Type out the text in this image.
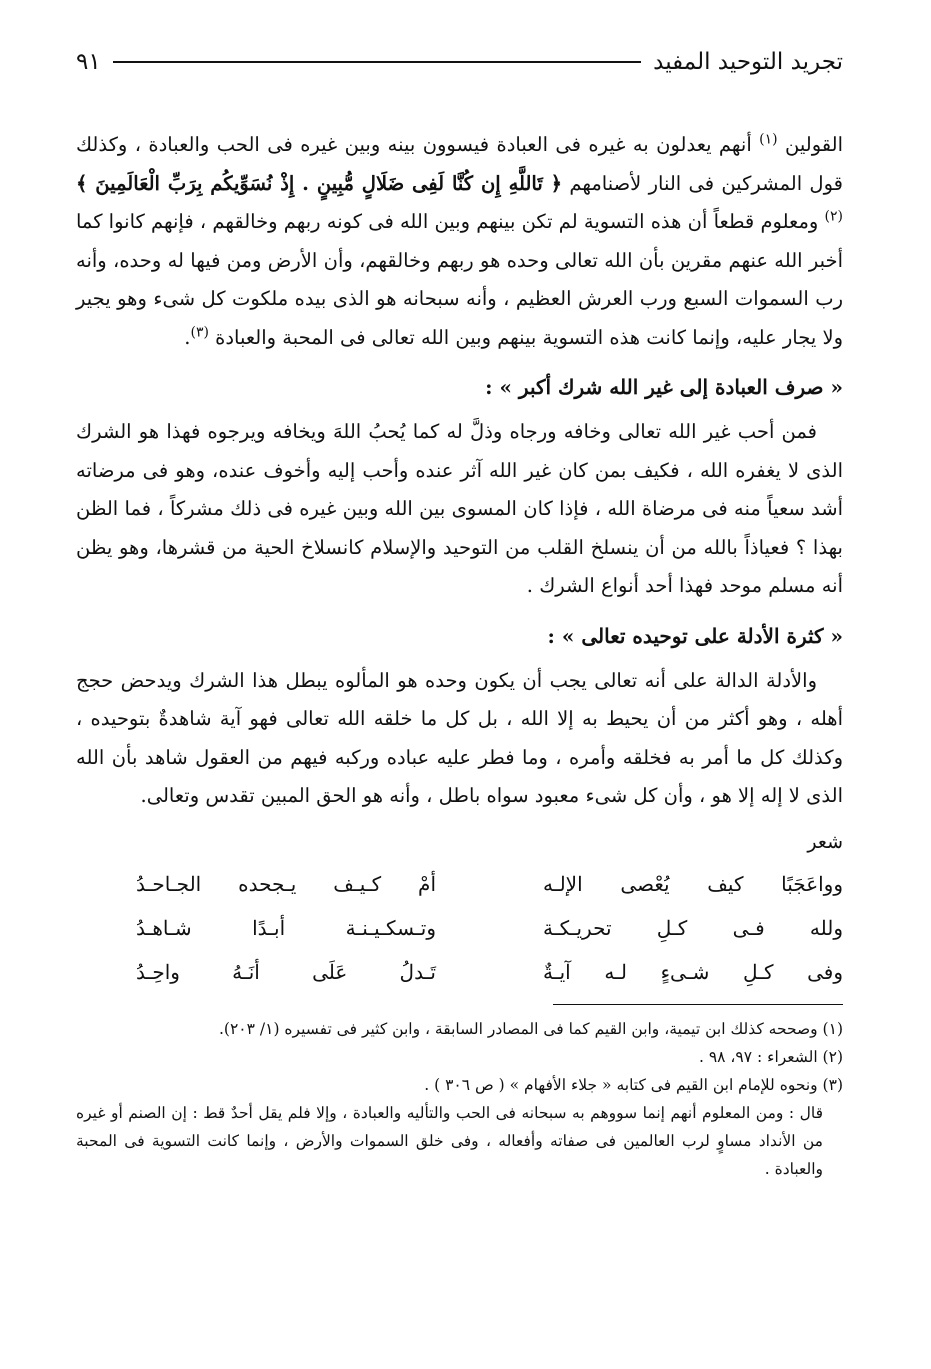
تجريد التوحيد المفيد
٩١

القولين $^{(١)}$ أنهم يعدلون به غيره فى العبادة فيسوون بينه وبين غيره فى الحب والعبادة ، وكذلك قول المشركين فى النار لأصنامهم ﴿ تَاللَّهِ إِن كُنَّا لَفِى ضَلَالٍ مُّبِينٍ . إِذْ نُسَوِّيكُم بِرَبِّ الْعَالَمِينَ ﴾ $^{(٢)}$ ومعلوم قطعاً أن هذه التسوية لم تكن بينهم وبين الله فى كونه ربهم وخالقهم ، فإنهم كانوا كما أخبر الله عنهم مقرين بأن الله تعالى وحده هو ربهم وخالقهم، وأن الأرض ومن فيها له وحده، وأنه رب السموات السبع ورب العرش العظيم ، وأنه سبحانه هو الذى بيده ملكوت كل شىء وهو يجير ولا يجار عليه، وإنما كانت هذه التسوية بينهم وبين الله تعالى فى المحبة والعبادة $^{(٣)}$.

« صرف العبادة إلى غير الله شرك أكبر » :

فمن أحب غير الله تعالى وخافه ورجاه وذلَّ له كما يُحبُ اللهَ ويخافه ويرجوه فهذا هو الشرك الذى لا يغفره الله ، فكيف بمن كان غير الله آثر عنده وأحب إليه وأخوف عنده، وهو فى مرضاته أشد سعياً منه فى مرضاة الله ، فإذا كان المسوى بين الله وبين غيره فى ذلك مشركاً ، فما الظن بهذا ؟ فعياذاً بالله من أن ينسلخ القلب من التوحيد والإسلام كانسلاخ الحية من قشرها، وهو يظن أنه مسلم موحد فهذا أحد أنواع الشرك .

« كثرة الأدلة على توحيده تعالى » :

والأدلة الدالة على أنه تعالى يجب أن يكون وحده هو المألوه يبطل هذا الشرك ويدحض حجج أهله ، وهو أكثر من أن يحيط به إلا الله ، بل كل ما خلقه الله تعالى فهو آية شاهدةٌ بتوحيده ، وكذلك كل ما أمر به فخلقه وأمره ، وما فطر عليه عباده وركبه فيهم من العقول شاهد بأن الله الذى لا إله إلا هو ، وأن كل شىء معبود سواه باطل ، وأنه هو الحق المبين تقدس وتعالى.

شعر
وواعَجَبًا كيف يُعْصى الإلـه
أمْ كـيـف يـجحده الجـاحـدُ
ولله فـى كـلِ تحريـكـة
وتـسكـيـنـة أبـدًا شـاهـدُ
وفى كـلِ شـىءٍ لـه آيـةٌ
تَـدلُ عَلَى أنَـهُ واحِـدُ

(١) وصححه كذلك ابن تيمية، وابن القيم كما فى المصادر السابقة ، وابن كثير فى تفسيره (١/ ٢٠٣).

(٢) الشعراء : ٩٧، ٩٨ .

(٣) ونحوه للإمام ابن القيم فى كتابه « جلاء الأفهام » ( ص ٣٠٦ ) .

قال : ومن المعلوم أنهم إنما سووهم به سبحانه فى الحب والتأليه والعبادة ، وإلا فلم يقل أحدٌ قط : إن الصنم أو غيره من الأنداد مساوٍ لرب العالمين فى صفاته وأفعاله ، وفى خلق السموات والأرض ، وإنما كانت التسوية فى المحبة والعبادة .
